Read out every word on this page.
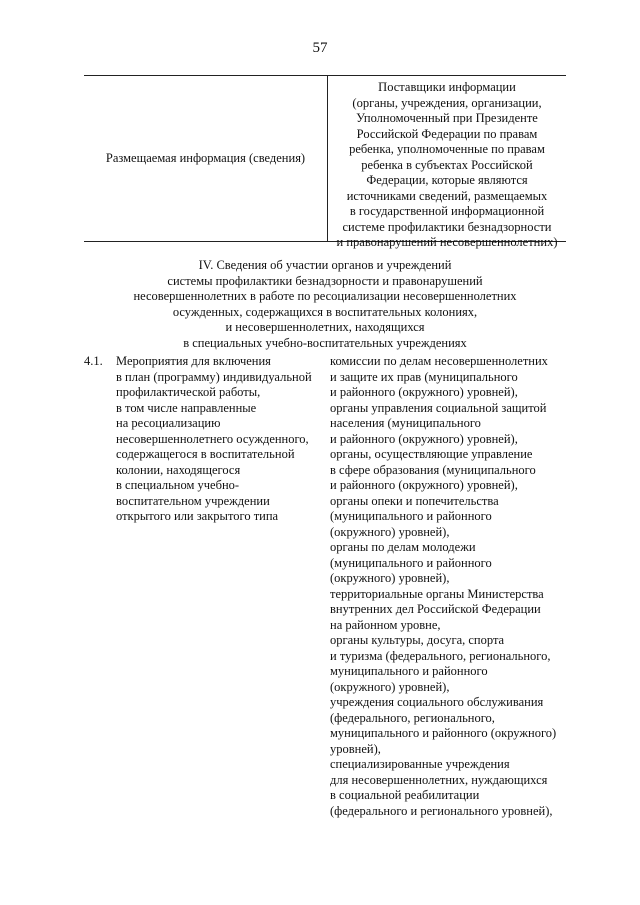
57
Размещаемая информация (сведения)
Поставщики информации
(органы, учреждения, организации,
Уполномоченный при Президенте
Российской Федерации по правам
ребенка, уполномоченные по правам
ребенка в субъектах Российской
Федерации, которые являются
источниками сведений, размещаемых
в государственной информационной
системе профилактики безнадзорности
и правонарушений несовершеннолетних)
IV. Сведения об участии органов и учреждений
системы профилактики безнадзорности и правонарушений
несовершеннолетних в работе по ресоциализации несовершеннолетних
осужденных, содержащихся в воспитательных колониях,
и несовершеннолетних, находящихся
в специальных учебно-воспитательных учреждениях
4.1. Мероприятия для включения
в план (программу) индивидуальной
профилактической работы,
в том числе направленные
на ресоциализацию
несовершеннолетнего осужденного,
содержащегося в воспитательной
колонии, находящегося
в специальном учебно-
воспитательном учреждении
открытого или закрытого типа
комиссии по делам несовершеннолетних
и защите их прав (муниципального
и районного (окружного) уровней),
органы управления социальной защитой
населения (муниципального
и районного (окружного) уровней),
органы, осуществляющие управление
в сфере образования (муниципального
и районного (окружного) уровней),
органы опеки и попечительства
(муниципального и районного
(окружного) уровней),
органы по делам молодежи
(муниципального и районного
(окружного) уровней),
территориальные органы Министерства
внутренних дел Российской Федерации
на районном уровне,
органы культуры, досуга, спорта
и туризма (федерального, регионального,
муниципального и районного
(окружного) уровней),
учреждения социального обслуживания
(федерального, регионального,
муниципального и районного (окружного)
уровней),
специализированные учреждения
для несовершеннолетних, нуждающихся
в социальной реабилитации
(федерального и регионального уровней),
